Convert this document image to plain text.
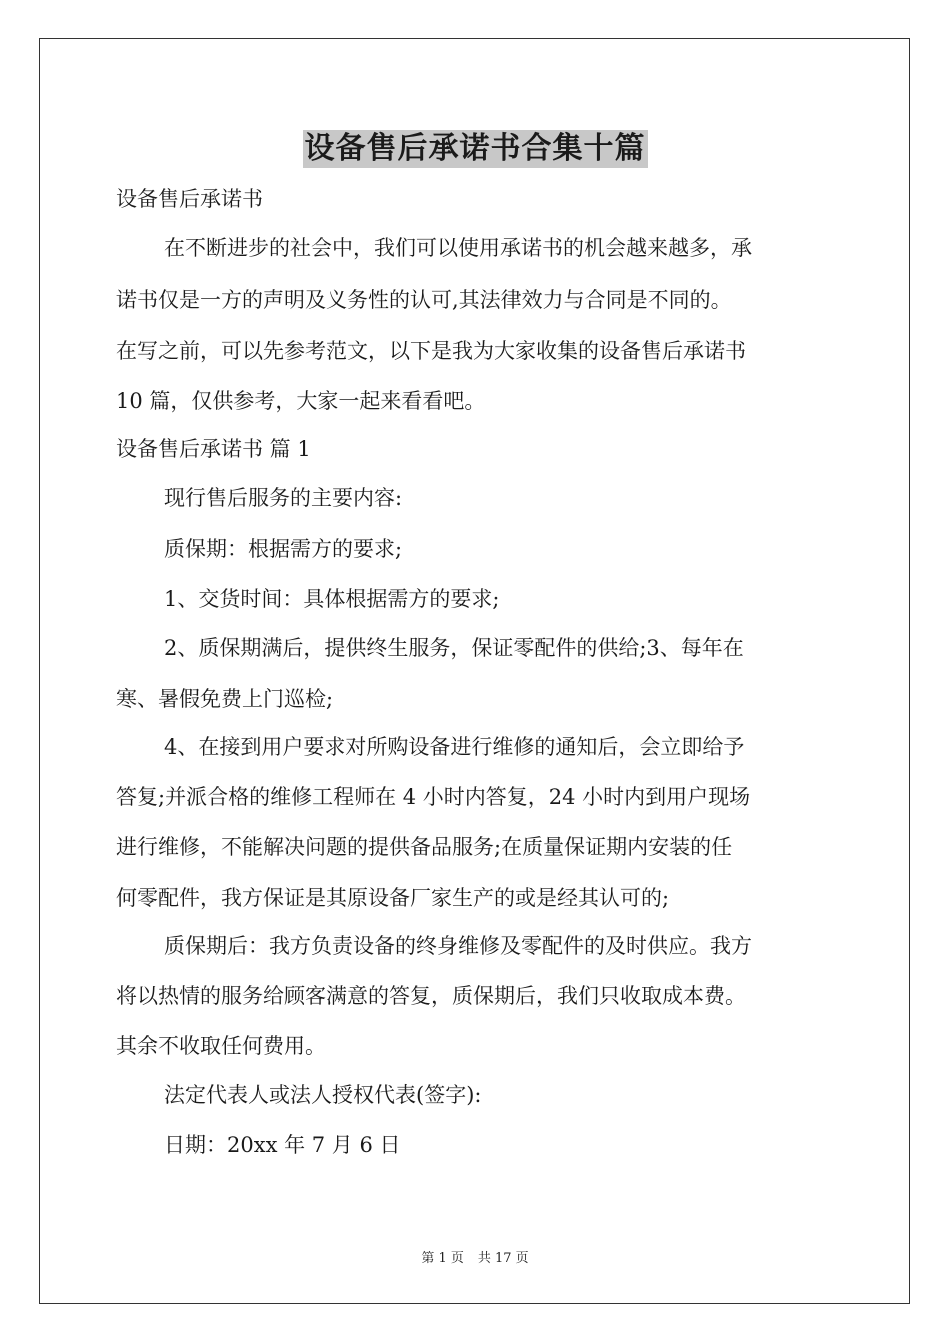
设备售后承诺书合集十篇
设备售后承诺书
在不断进步的社会中，我们可以使用承诺书的机会越来越多，承
诺书仅是一方的声明及义务性的认可,其法律效力与合同是不同的。
在写之前，可以先参考范文，以下是我为大家收集的设备售后承诺书
10 篇，仅供参考，大家一起来看看吧。
设备售后承诺书 篇 1
现行售后服务的主要内容:
质保期：根据需方的要求;
1、交货时间：具体根据需方的要求;
2、质保期满后，提供终生服务，保证零配件的供给;3、每年在
寒、暑假免费上门巡检;
4、在接到用户要求对所购设备进行维修的通知后，会立即给予
答复;并派合格的维修工程师在 4 小时内答复，24 小时内到用户现场
进行维修，不能解决问题的提供备品服务;在质量保证期内安装的任
何零配件，我方保证是其原设备厂家生产的或是经其认可的;
质保期后：我方负责设备的终身维修及零配件的及时供应。我方
将以热情的服务给顾客满意的答复，质保期后，我们只收取成本费。
其余不收取任何费用。
法定代表人或法人授权代表(签字):
日期：20xx 年 7 月 6 日
第 1 页 共 17 页
